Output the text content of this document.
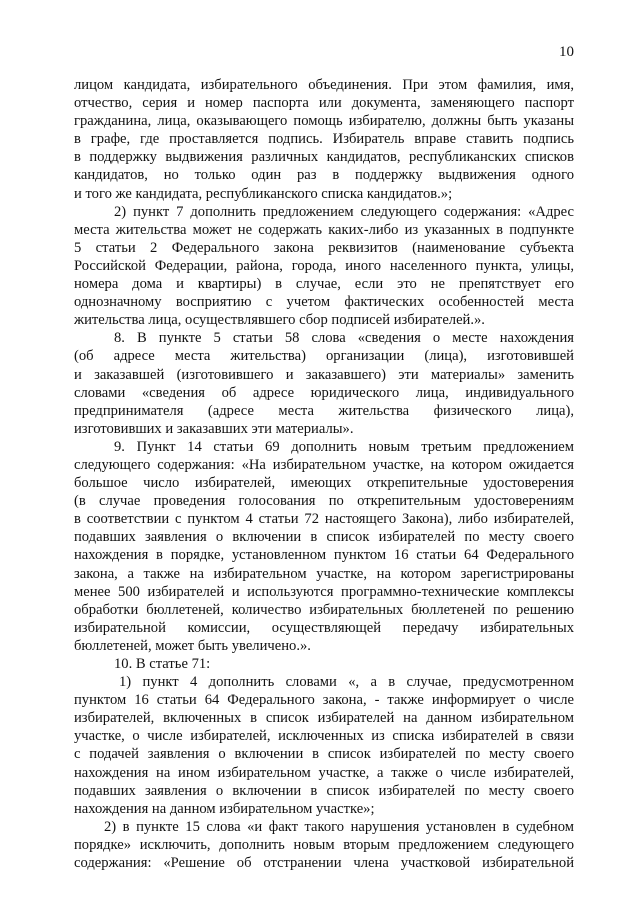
10
лицом кандидата, избирательного объединения. При этом фамилия, имя,
отчество, серия и номер паспорта или документа, заменяющего паспорт
гражданина, лица, оказывающего помощь избирателю, должны быть указаны
в графе, где проставляется подпись. Избиратель вправе ставить подпись
в поддержку выдвижения различных кандидатов, республиканских списков
кандидатов, но только один раз в поддержку выдвижения одного
и того же кандидата, республиканского списка кандидатов.»;
2) пункт 7 дополнить предложением следующего содержания: «Адрес
места жительства может не содержать каких-либо из указанных в подпункте
5 статьи 2 Федерального закона реквизитов (наименование субъекта
Российской Федерации, района, города, иного населенного пункта, улицы,
номера дома и квартиры) в случае, если это не препятствует его
однозначному восприятию с учетом фактических особенностей места
жительства лица, осуществлявшего сбор подписей избирателей.».
8. В пункте 5 статьи 58 слова «сведения о месте нахождения
(об адресе места жительства) организации (лица), изготовившей
и заказавшей (изготовившего и заказавшего) эти материалы» заменить
словами «сведения об адресе юридического лица, индивидуального
предпринимателя (адресе места жительства физического лица),
изготовивших и заказавших эти материалы».
9. Пункт 14 статьи 69 дополнить новым третьим предложением
следующего содержания: «На избирательном участке, на котором ожидается
большое число избирателей, имеющих открепительные удостоверения
(в случае проведения голосования по открепительным удостоверениям
в соответствии с пунктом 4 статьи 72 настоящего Закона), либо избирателей,
подавших заявления о включении в список избирателей по месту своего
нахождения в порядке, установленном пунктом 16 статьи 64 Федерального
закона, а также на избирательном участке, на котором зарегистрированы
менее 500 избирателей и используются программно-технические комплексы
обработки бюллетеней, количество избирательных бюллетеней по решению
избирательной комиссии, осуществляющей передачу избирательных
бюллетеней, может быть увеличено.».
10. В статье 71:
1) пункт 4 дополнить словами «, а в случае, предусмотренном
пунктом 16 статьи 64 Федерального закона, - также информирует о числе
избирателей, включенных в список избирателей на данном избирательном
участке, о числе избирателей, исключенных из списка избирателей в связи
с подачей заявления о включении в список избирателей по месту своего
нахождения на ином избирательном участке, а также о числе избирателей,
подавших заявления о включении в список избирателей по месту своего
нахождения на данном избирательном участке»;
2) в пункте 15 слова «и факт такого нарушения установлен в судебном
порядке» исключить, дополнить новым вторым предложением следующего
содержания: «Решение об отстранении члена участковой избирательной
